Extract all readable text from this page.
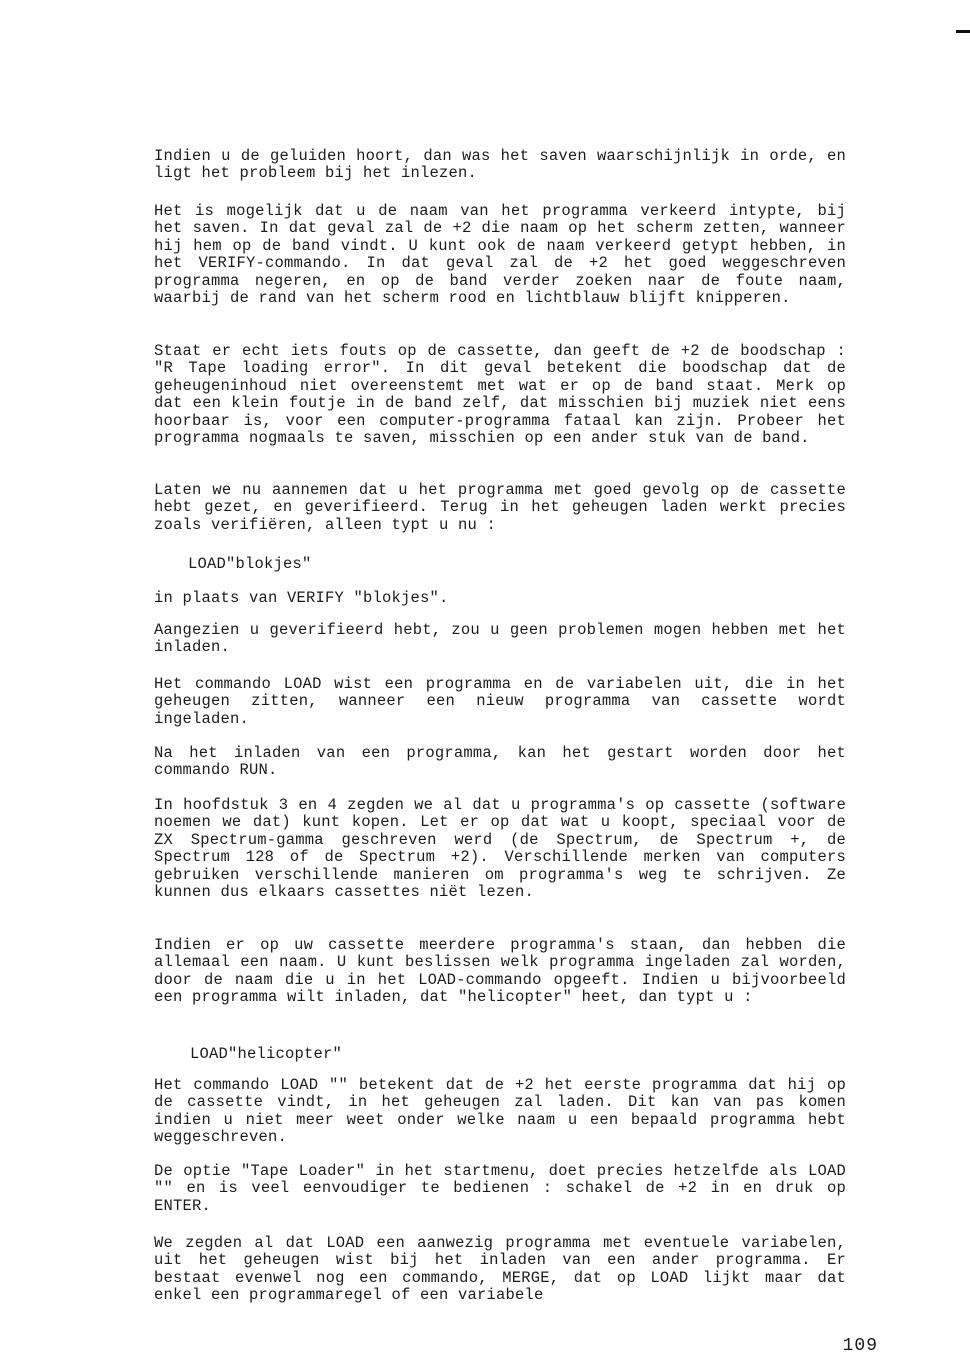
Indien u de geluiden hoort, dan was het saven waarschijnlijk in orde, en ligt het probleem bij het inlezen.

Het is mogelijk dat u de naam van het programma verkeerd intypte, bij het saven. In dat geval zal de +2 die naam op het scherm zetten, wanneer hij hem op de band vindt. U kunt ook de naam verkeerd getypt hebben, in het VERIFY-commando. In dat geval zal de +2 het goed weggeschreven programma negeren, en op de band verder zoeken naar de foute naam, waarbij de rand van het scherm rood en lichtblauw blijft knipperen.

Staat er echt iets fouts op de cassette, dan geeft de +2 de boodschap : "R Tape loading error". In dit geval betekent die boodschap dat de geheugeninhoud niet overeenstemt met wat er op de band staat. Merk op dat een klein foutje in de band zelf, dat misschien bij muziek niet eens hoorbaar is, voor een computer-programma fataal kan zijn. Probeer het programma nogmaals te saven, misschien op een ander stuk van de band.

Laten we nu aannemen dat u het programma met goed gevolg op de cassette hebt gezet, en geverifieerd. Terug in het geheugen laden werkt precies zoals verifiëren, alleen typt u nu :

LOAD"blokjes"

in plaats van VERIFY "blokjes".

Aangezien u geverifieerd hebt, zou u geen problemen mogen hebben met het inladen.

Het commando LOAD wist een programma en de variabelen uit, die in het geheugen zitten, wanneer een nieuw programma van cassette wordt ingeladen.

Na het inladen van een programma, kan het gestart worden door het commando RUN.

In hoofdstuk 3 en 4 zegden we al dat u programma's op cassette (software noemen we dat) kunt kopen. Let er op dat wat u koopt, speciaal voor de ZX Spectrum-gamma geschreven werd (de Spectrum, de Spectrum +, de Spectrum 128 of de Spectrum +2). Verschillende merken van computers gebruiken verschillende manieren om programma's weg te schrijven. Ze kunnen dus elkaars cassettes niët lezen.

Indien er op uw cassette meerdere programma's staan, dan hebben die allemaal een naam. U kunt beslissen welk programma ingeladen zal worden, door de naam die u in het LOAD-commando opgeeft. Indien u bijvoorbeeld een programma wilt inladen, dat "helicopter" heet, dan typt u :

LOAD"helicopter"

Het commando LOAD "" betekent dat de +2 het eerste programma dat hij op de cassette vindt, in het geheugen zal laden. Dit kan van pas komen indien u niet meer weet onder welke naam u een bepaald programma hebt weggeschreven.

De optie "Tape Loader" in het startmenu, doet precies hetzelfde als LOAD "" en is veel eenvoudiger te bedienen : schakel de +2 in en druk op ENTER.

We zegden al dat LOAD een aanwezig programma met eventuele variabelen, uit het geheugen wist bij het inladen van een ander programma. Er bestaat evenwel nog een commando, MERGE, dat op LOAD lijkt maar dat enkel een programmaregel of een variabele

109
